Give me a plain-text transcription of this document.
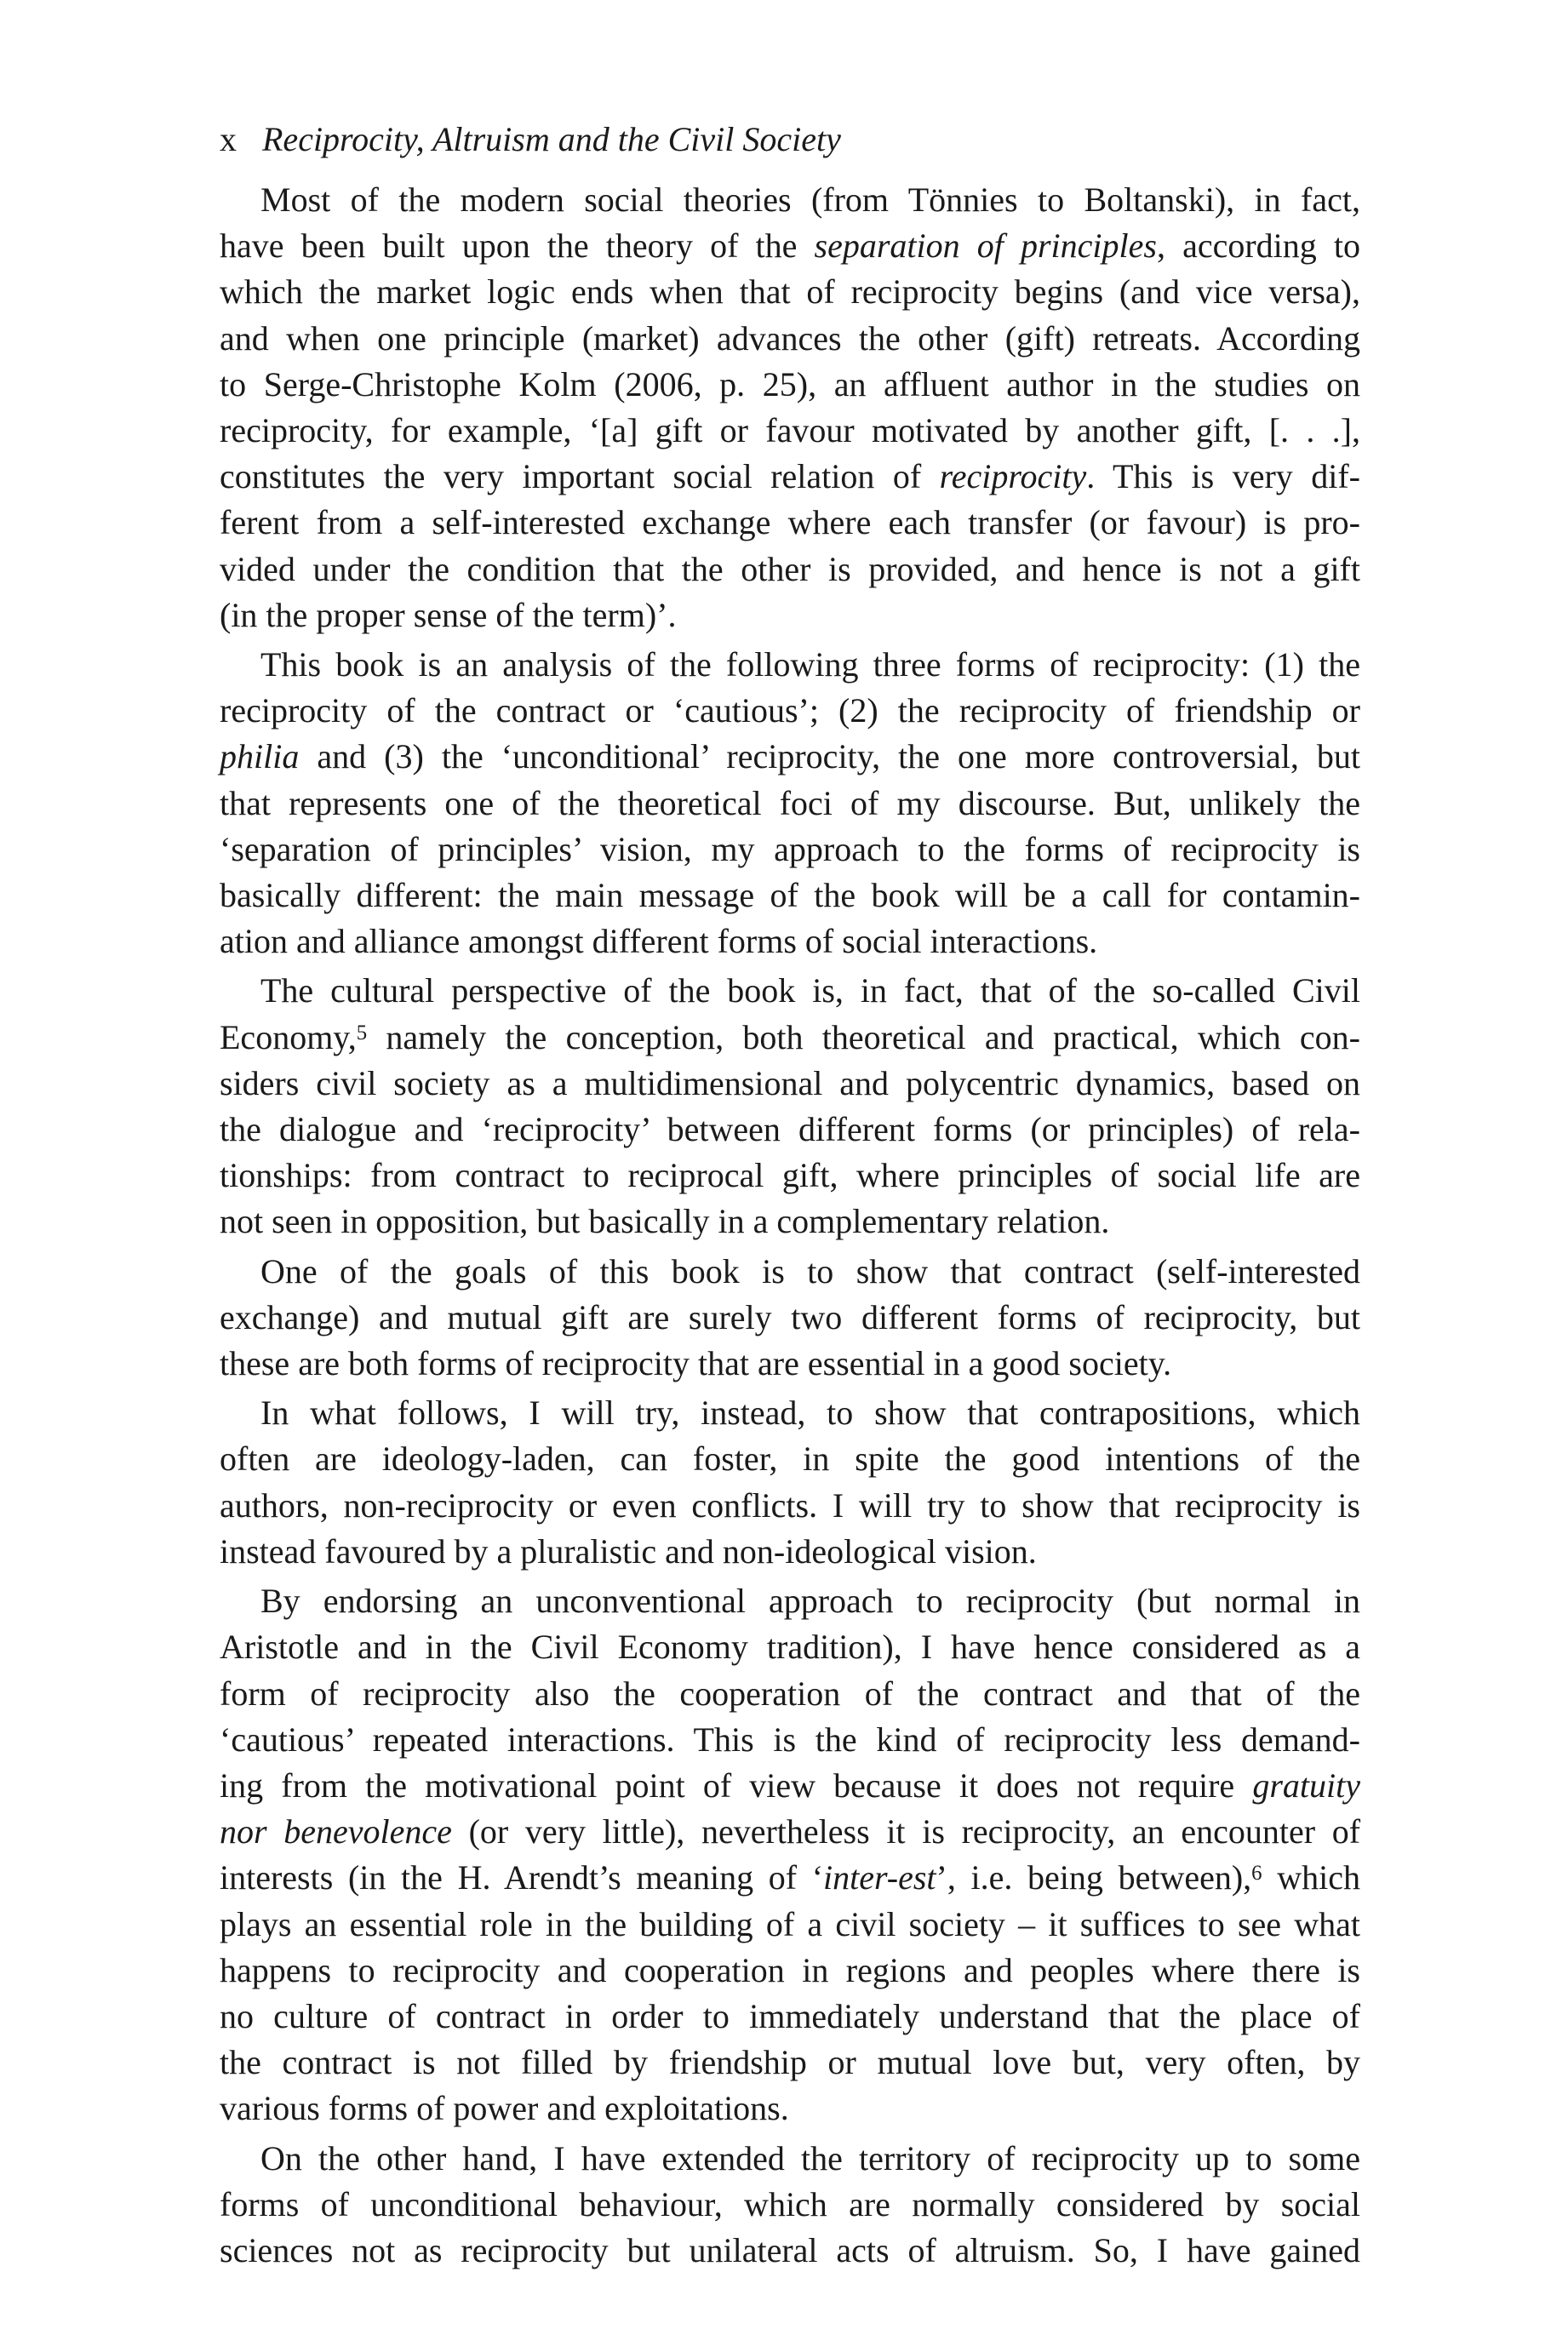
x Reciprocity, Altruism and the Civil Society

Most of the modern social theories (from Tönnies to Boltanski), in fact,
have been built upon the theory of the separation of principles, according to
which the market logic ends when that of reciprocity begins (and vice versa),
and when one principle (market) advances the other (gift) retreats. According
to Serge-Christophe Kolm (2006, p. 25), an affluent author in the studies on
reciprocity, for example, ‘[a] gift or favour motivated by another gift, [. . .],
constitutes the very important social relation of reciprocity. This is very dif-
ferent from a self-interested exchange where each transfer (or favour) is pro-
vided under the condition that the other is provided, and hence is not a gift
(in the proper sense of the term)’.

This book is an analysis of the following three forms of reciprocity: (1) the
reciprocity of the contract or ‘cautious’; (2) the reciprocity of friendship or
philia and (3) the ‘unconditional’ reciprocity, the one more controversial, but
that represents one of the theoretical foci of my discourse. But, unlikely the
‘separation of principles’ vision, my approach to the forms of reciprocity is
basically different: the main message of the book will be a call for contamin-
ation and alliance amongst different forms of social interactions.

The cultural perspective of the book is, in fact, that of the so-called Civil
Economy,$^5$ namely the conception, both theoretical and practical, which con-
siders civil society as a multidimensional and polycentric dynamics, based on
the dialogue and ‘reciprocity’ between different forms (or principles) of rela-
tionships: from contract to reciprocal gift, where principles of social life are
not seen in opposition, but basically in a complementary relation.

One of the goals of this book is to show that contract (self-interested
exchange) and mutual gift are surely two different forms of reciprocity, but
these are both forms of reciprocity that are essential in a good society.

In what follows, I will try, instead, to show that contrapositions, which
often are ideology-laden, can foster, in spite the good intentions of the
authors, non-reciprocity or even conflicts. I will try to show that reciprocity is
instead favoured by a pluralistic and non-ideological vision.

By endorsing an unconventional approach to reciprocity (but normal in
Aristotle and in the Civil Economy tradition), I have hence considered as a
form of reciprocity also the cooperation of the contract and that of the
‘cautious’ repeated interactions. This is the kind of reciprocity less demand-
ing from the motivational point of view because it does not require gratuity
nor benevolence (or very little), nevertheless it is reciprocity, an encounter of
interests (in the H. Arendt’s meaning of ‘inter-est’, i.e. being between),$^6$ which
plays an essential role in the building of a civil society – it suffices to see what
happens to reciprocity and cooperation in regions and peoples where there is
no culture of contract in order to immediately understand that the place of
the contract is not filled by friendship or mutual love but, very often, by
various forms of power and exploitations.

On the other hand, I have extended the territory of reciprocity up to some
forms of unconditional behaviour, which are normally considered by social
sciences not as reciprocity but unilateral acts of altruism. So, I have gained
